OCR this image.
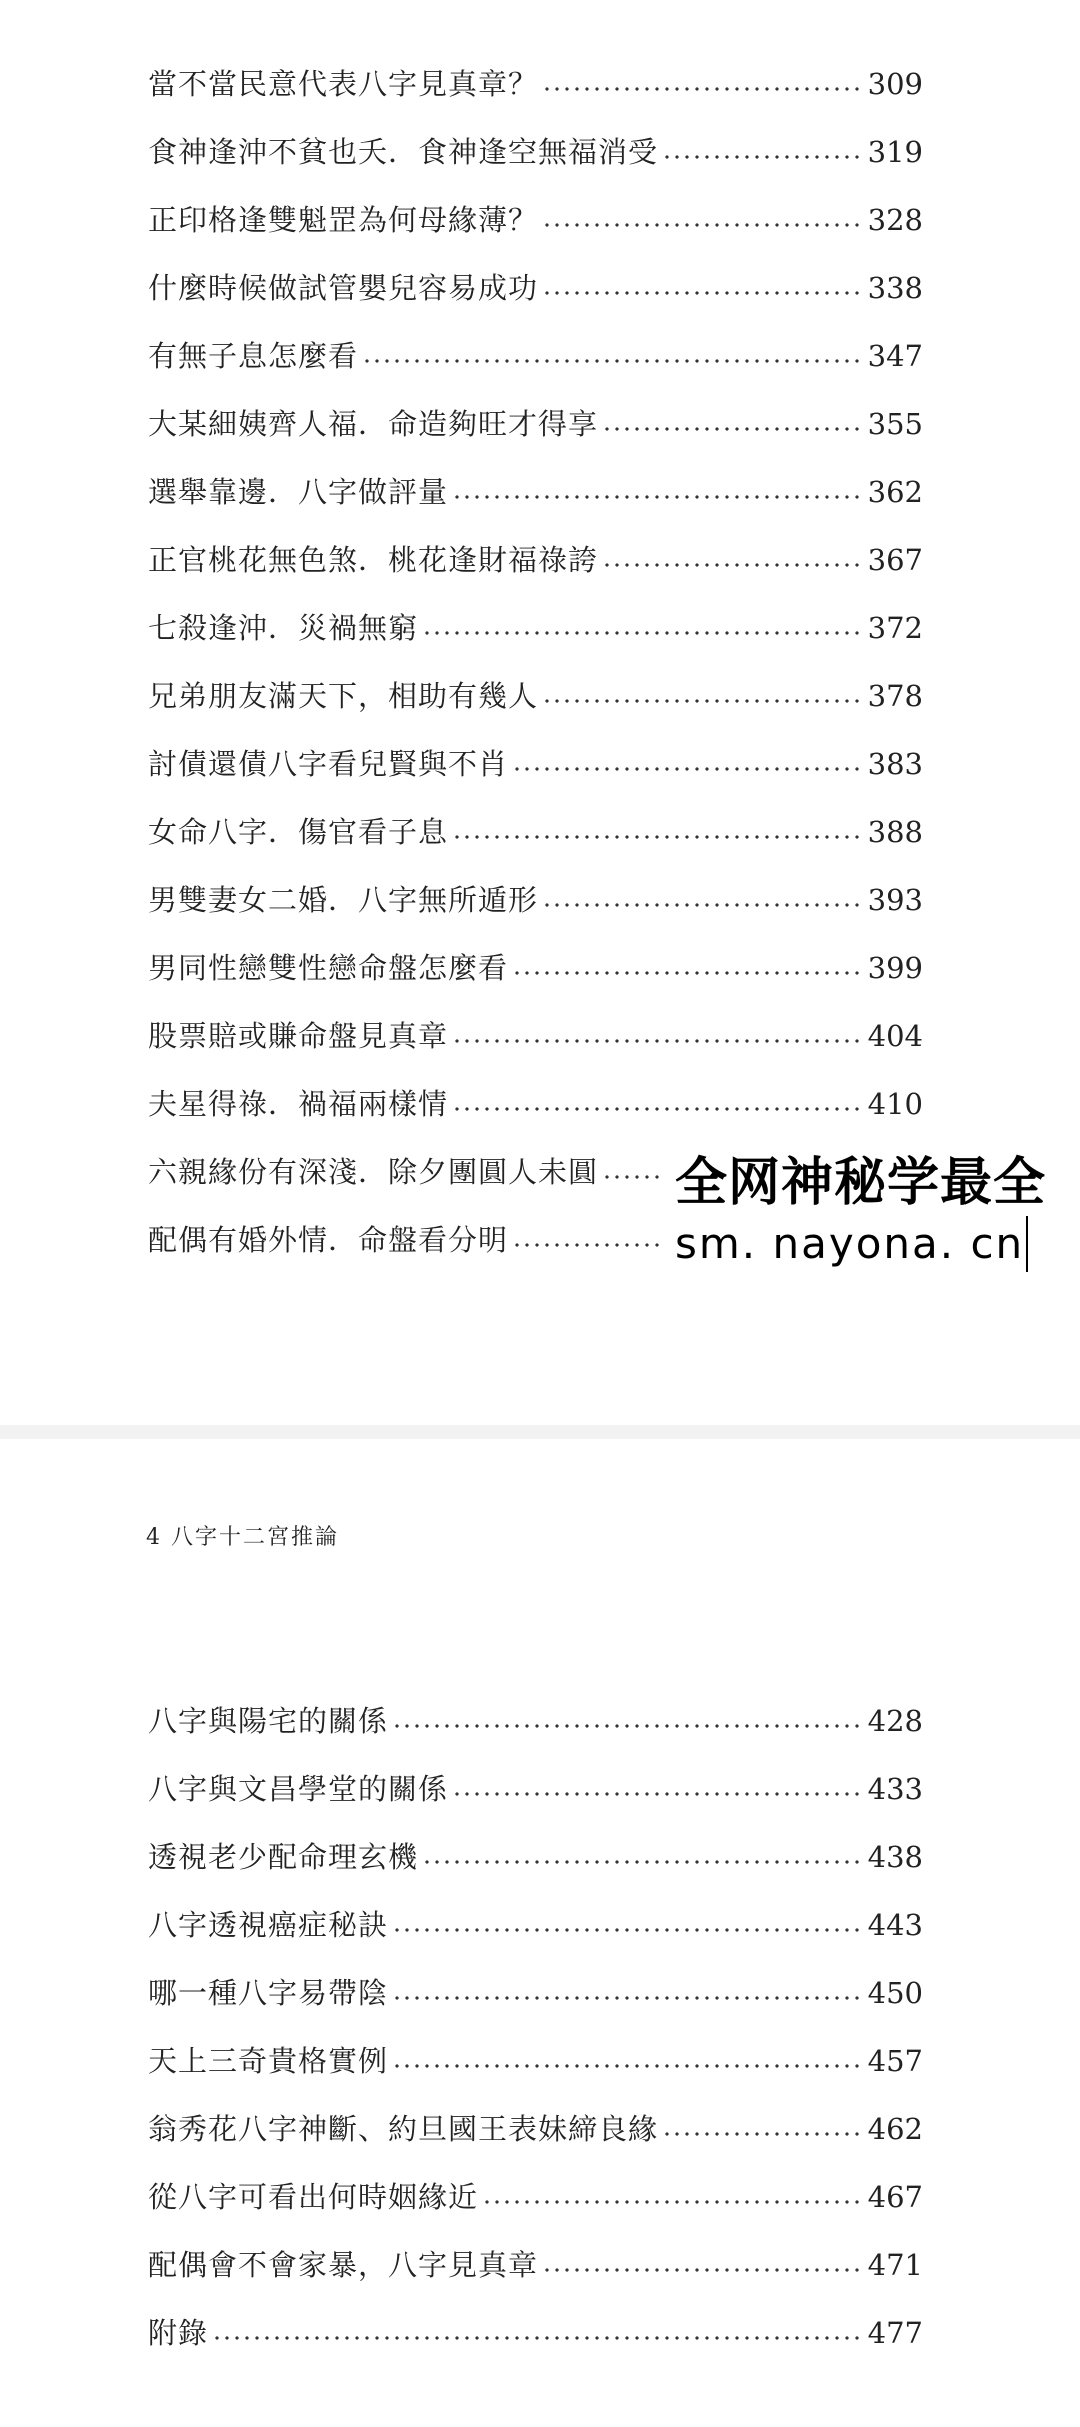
當不當民意代表八字見真章？	309
食神逢沖不貧也夭．食神逢空無福消受	319
正印格逢雙魁罡為何母緣薄？	328
什麼時候做試管嬰兒容易成功	338
有無子息怎麼看	347
大某細姨齊人福．命造夠旺才得享	355
選舉靠邊．八字做評量	362
正官桃花無色煞．桃花逢財福祿誇	367
七殺逢沖．災禍無窮	372
兄弟朋友滿天下，相助有幾人	378
討債還債八字看兒賢與不肖	383
女命八字．傷官看子息	388
男雙妻女二婚．八字無所遁形	393
男同性戀雙性戀命盤怎麼看	399
股票賠或賺命盤見真章	404
夫星得祿．禍福兩樣情	410
六親緣份有深淺．除夕團圓人未圓
配偶有婚外情．命盤看分明
全网神秘学最全
sm. nayona. cn
4 八字十二宮推論
八字與陽宅的關係	428
八字與文昌學堂的關係	433
透視老少配命理玄機	438
八字透視癌症秘訣	443
哪一種八字易帶陰	450
天上三奇貴格實例	457
翁秀花八字神斷、約旦國王表妹締良緣	462
從八字可看出何時姻緣近	467
配偶會不會家暴，八字見真章	471
附錄	477
